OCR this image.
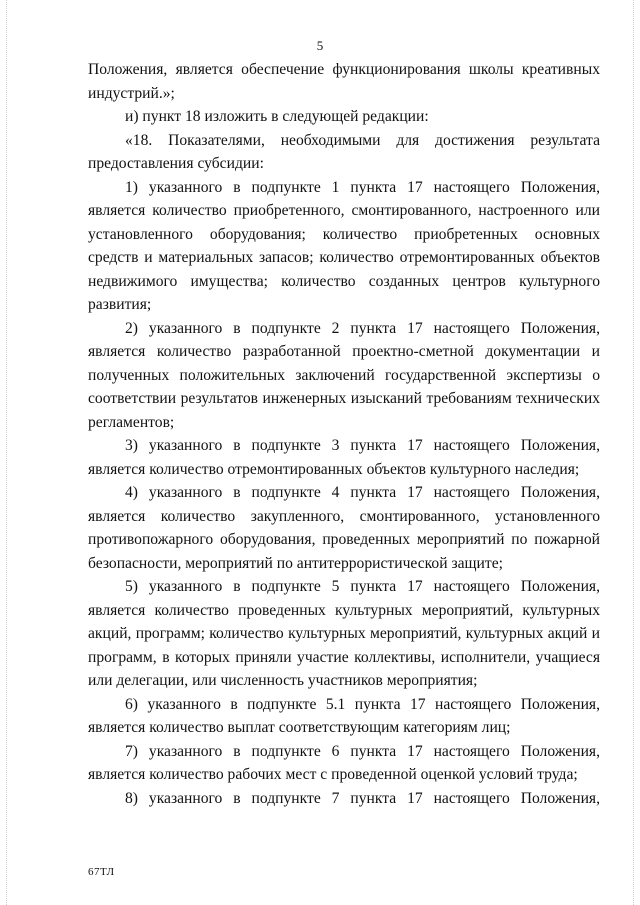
5

Положения, является обеспечение функционирования школы креативных индустрий.»;

и) пункт 18 изложить в следующей редакции:

«18. Показателями, необходимыми для достижения результата предоставления субсидии:

1) указанного в подпункте 1 пункта 17 настоящего Положения, является количество приобретенного, смонтированного, настроенного или установленного оборудования; количество приобретенных основных средств и материальных запасов; количество отремонтированных объектов недвижимого имущества; количество созданных центров культурного развития;

2) указанного в подпункте 2 пункта 17 настоящего Положения, является количество разработанной проектно-сметной документации и полученных положительных заключений государственной экспертизы о соответствии результатов инженерных изысканий требованиям технических регламентов;

3) указанного в подпункте 3 пункта 17 настоящего Положения, является количество отремонтированных объектов культурного наследия;

4) указанного в подпункте 4 пункта 17 настоящего Положения, является количество закупленного, смонтированного, установленного противопожарного оборудования, проведенных мероприятий по пожарной безопасности, мероприятий по антитеррористической защите;

5) указанного в подпункте 5 пункта 17 настоящего Положения, является количество проведенных культурных мероприятий, культурных акций, программ; количество культурных мероприятий, культурных акций и программ, в которых приняли участие коллективы, исполнители, учащиеся или делегации, или численность участников мероприятия;

6) указанного в подпункте 5.1 пункта 17 настоящего Положения, является количество выплат соответствующим категориям лиц;

7) указанного в подпункте 6 пункта 17 настоящего Положения, является количество рабочих мест с проведенной оценкой условий труда;

8) указанного в подпункте 7 пункта 17 настоящего Положения,

67ТЛ
